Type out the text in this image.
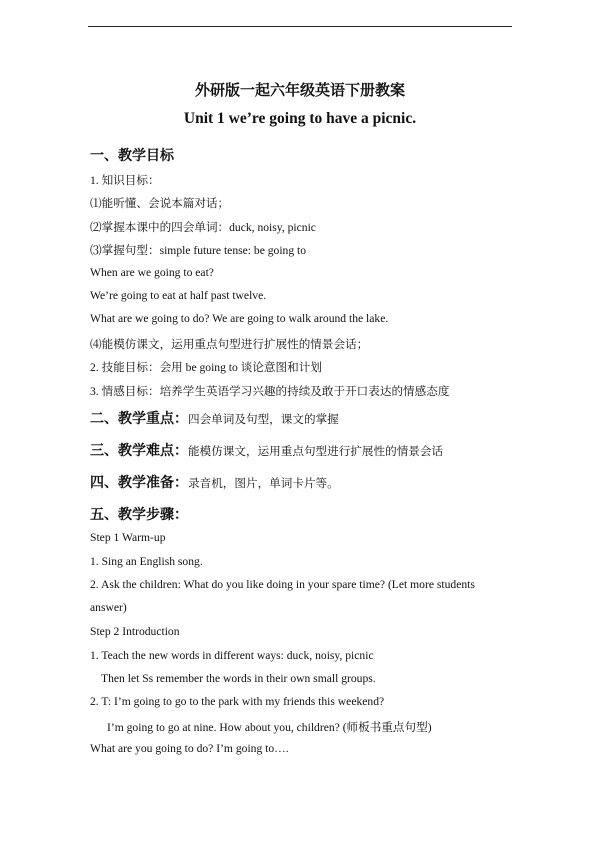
外研版一起六年级英语下册教案
Unit 1 we’re going to have a picnic.
一、教学目标
1. 知识目标：
⑴能听懂、会说本篇对话；
⑵掌握本课中的四会单词：duck, noisy, picnic
⑶掌握句型：simple future tense: be going to
When are we going to eat?
We’re going to eat at half past twelve.
What are we going to do? We are going to walk around the lake.
⑷能模仿课文，运用重点句型进行扩展性的情景会话；
2. 技能目标：会用 be going to 谈论意图和计划
3. 情感目标：培养学生英语学习兴趣的持续及敢于开口表达的情感态度
二、教学重点：四会单词及句型，课文的掌握
三、教学难点：能模仿课文，运用重点句型进行扩展性的情景会话
四、教学准备：录音机，图片，单词卡片等。
五、教学步骤：
Step 1 Warm-up
1. Sing an English song.
2. Ask the children: What do you like doing in your spare time? (Let more students
answer)
Step 2 Introduction
1. Teach the new words in different ways: duck, noisy, picnic
Then let Ss remember the words in their own small groups.
2. T: I’m going to go to the park with my friends this weekend?
I’m going to go at nine. How about you, children? (师板书重点句型)
What are you going to do? I’m going to….
